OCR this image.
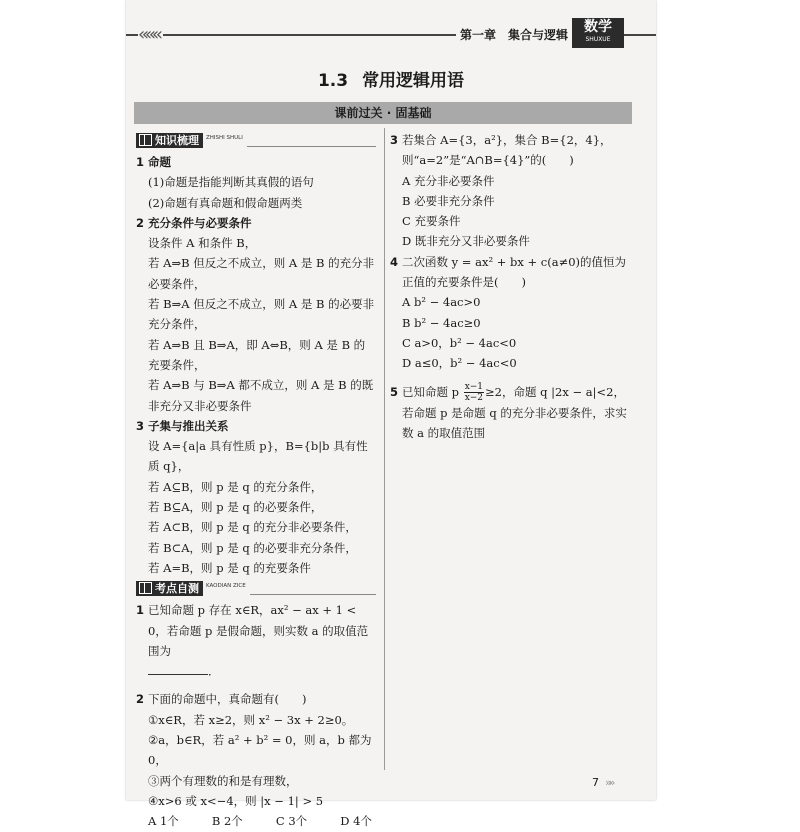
«««	第一章　集合与逻辑	数学
SHUXUE
1.3 常用逻辑用语
课前过关 · 固基础
知识梳理 ZHISHI SHULI
1 命题
(1)命题是指能判断其真假的语句
(2)命题有真命题和假命题两类
2 充分条件与必要条件
设条件 A 和条件 B，
若 A⇒B 但反之不成立，则 A 是 B 的充分非必要条件，
若 B⇒A 但反之不成立，则 A 是 B 的必要非充分条件，
若 A⇒B 且 B⇒A，即 A⇔B，则 A 是 B 的充要条件，
若 A⇒B 与 B⇒A 都不成立，则 A 是 B 的既非充分又非必要条件
3 子集与推出关系
设 A={a|a 具有性质 p}，B={b|b 具有性质 q}，
若 A⊆B，则 p 是 q 的充分条件，
若 B⊆A，则 p 是 q 的必要条件，
若 A⊂B，则 p 是 q 的充分非必要条件，
若 B⊂A，则 p 是 q 的必要非充分条件，
若 A=B，则 p 是 q 的充要条件
考点自测 KAODIAN ZICE
1 已知命题 p 存在 x∈R，ax² − ax + 1 < 0，若命题 p 是假命题，则实数 a 的取值范围为
．
2 下面的命题中，真命题有(　　)
①x∈R，若 x≥2，则 x² − 3x + 2≥0。
②a，b∈R，若 a² + b² = 0，则 a，b 都为 0，
③两个有理数的和是有理数，
④x>6 或 x<−4，则 |x − 1| > 5
A 1个	B 2个	C 3个	D 4个
3 若集合 A={3，a²}，集合 B={2，4}，则“a=2”是“A∩B={4}”的(　　)
A 充分非必要条件
B 必要非充分条件
C 充要条件
D 既非充分又非必要条件
4 二次函数 y = ax² + bx + c(a≠0)的值恒为正值的充要条件是(　　)
A b² − 4ac>0
B b² − 4ac≥0
C a>0，b² − 4ac<0
D a≤0，b² − 4ac<0
5 已知命题 p $\frac{x-1}{x-2} \ge 2$，命题 q |2x − a|<2，
若命题 p 是命题 q 的充分非必要条件，求实数 a 的取值范围
7 »»
